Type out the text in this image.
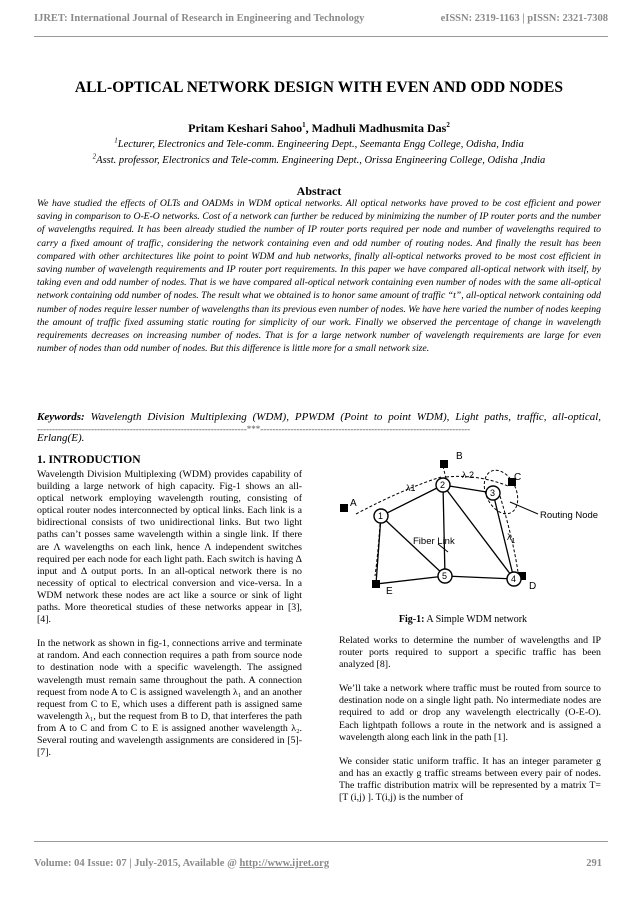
IJRET: International Journal of Research in Engineering and Technology	eISSN: 2319-1163 | pISSN: 2321-7308
ALL-OPTICAL NETWORK DESIGN WITH EVEN AND ODD NODES
Pritam Keshari Sahoo$^1$, Madhuli Madhusmita Das$^2$
$^1$Lecturer, Electronics and Tele-comm. Engineering Dept., Seemanta Engg College, Odisha, India
$^2$Asst. professor, Electronics and Tele-comm. Engineering Dept., Orissa Engineering College, Odisha ,India
Abstract
We have studied the effects of OLTs and OADMs in WDM optical networks. All optical networks have proved to be cost efficient and power saving in comparison to O-E-O networks. Cost of a network can further be reduced by minimizing the number of IP router ports and the number of wavelengths required. It has been already studied the number of IP router ports required per node and number of wavelengths required to carry a fixed amount of traffic, considering the network containing even and odd number of routing nodes. And finally the result has been compared with other architectures like point to point WDM and hub networks, finally all-optical networks proved to be most cost efficient in saving number of wavelength requirements and IP router port requirements. In this paper we have compared all-optical network with itself, by taking even and odd number of nodes. That is we have compared all-optical network containing even number of nodes with the same all-optical network containing odd number of nodes. The result what we obtained is to honor same amount of traffic “t”, all-optical network containing odd number of nodes require lesser number of wavelengths than its previous even number of nodes. We have here varied the number of nodes keeping the amount of traffic fixed assuming static routing for simplicity of our work. Finally we observed the percentage of change in wavelength requirements decreases on increasing number of nodes. That is for a large network number of wavelength requirements are large for even number of nodes than odd number of nodes. But this difference is little more for a small network size.
Keywords: Wavelength Division Multiplexing (WDM), PPWDM (Point to point WDM), Light paths, traffic, all-optical, Erlang(E).
----------------------------------------------------------------------***----------------------------------------------------------------------
1. INTRODUCTION

Wavelength Division Multiplexing (WDM) provides capability of building a large network of high capacity. Fig-1 shows an all-optical network employing wavelength routing, consisting of optical router nodes interconnected by optical links. Each link is a bidirectional consists of two unidirectional links. But two light paths can’t posses same wavelength within a single link. If there are Λ wavelengths on each link, hence Λ independent switches required per each node for each light path. Each switch is having Δ input and Δ output ports. In an all-optical network there is no necessity of optical to electrical conversion and vice-versa. In a WDM network these nodes are act like a source or sink of light paths. More theoretical studies of these networks appear in [3], [4].

In the network as shown in fig-1, connections arrive and terminate at random. And each connection requires a path from source node to destination node with a specific wavelength. The assigned wavelength must remain same throughout the path. A connection request from node A to C is assigned wavelength λ₁ and an another request from C to E, which uses a different path is assigned same wavelength λ₁, but the request from B to D, that interferes the path from A to C and from C to E is assigned another wavelength λ₂. Several routing and wavelength assignments are considered in [5]-[7].

1
2
3
4
5
A
B
C
D
E
λ1
λ 2
$\lambda_1$
Fiber Link
Routing Node
Fig-1: A Simple WDM network

Related works to determine the number of wavelengths and IP router ports required to support a specific traffic has been analyzed [8].

We’ll take a network where traffic must be routed from source to destination node on a single light path. No intermediate nodes are required to add or drop any wavelength electrically (O-E-O). Each lightpath follows a route in the network and is assigned a wavelength along each link in the path [1].

We consider static uniform traffic. It has an integer parameter g and has an exactly g traffic streams between every pair of nodes. The traffic distribution matrix will be represented by a matrix T= [T (i,j) ]. T(i,j) is the number of

Volume: 04 Issue: 07 | July-2015, Available @ http://www.ijret.org	291
